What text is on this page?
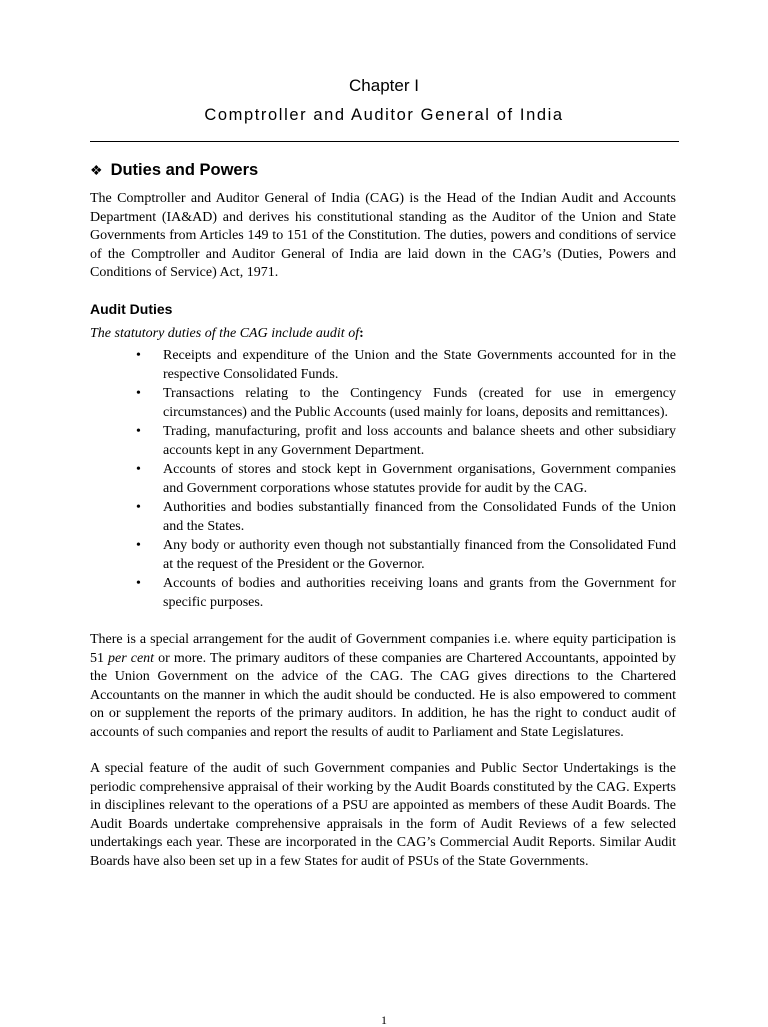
Chapter I
Comptroller and Auditor General of India
❖ Duties and Powers

The Comptroller and Auditor General of India (CAG) is the Head of the Indian Audit and Accounts Department (IA&AD) and derives his constitutional standing as the Auditor of the Union and State Governments from Articles 149 to 151 of the Constitution. The duties, powers and conditions of service of the Comptroller and Auditor General of India are laid down in the CAG’s (Duties, Powers and Conditions of Service) Act, 1971.

Audit Duties

The statutory duties of the CAG include audit of:

• Receipts and expenditure of the Union and the State Governments accounted for in the respective Consolidated Funds.
• Transactions relating to the Contingency Funds (created for use in emergency circumstances) and the Public Accounts (used mainly for loans, deposits and remittances).
• Trading, manufacturing, profit and loss accounts and balance sheets and other subsidiary accounts kept in any Government Department.
• Accounts of stores and stock kept in Government organisations, Government companies and Government corporations whose statutes provide for audit by the CAG.
• Authorities and bodies substantially financed from the Consolidated Funds of the Union and the States.
• Any body or authority even though not substantially financed from the Consolidated Fund at the request of the President or the Governor.
• Accounts of bodies and authorities receiving loans and grants from the Government for specific purposes.

There is a special arrangement for the audit of Government companies i.e. where equity participation is 51 per cent or more. The primary auditors of these companies are Chartered Accountants, appointed by the Union Government on the advice of the CAG. The CAG gives directions to the Chartered Accountants on the manner in which the audit should be conducted. He is also empowered to comment on or supplement the reports of the primary auditors. In addition, he has the right to conduct audit of accounts of such companies and report the results of audit to Parliament and State Legislatures.

A special feature of the audit of such Government companies and Public Sector Undertakings is the periodic comprehensive appraisal of their working by the Audit Boards constituted by the CAG. Experts in disciplines relevant to the operations of a PSU are appointed as members of these Audit Boards. The Audit Boards undertake comprehensive appraisals in the form of Audit Reviews of a few selected undertakings each year. These are incorporated in the CAG’s Commercial Audit Reports. Similar Audit Boards have also been set up in a few States for audit of PSUs of the State Governments.

1
